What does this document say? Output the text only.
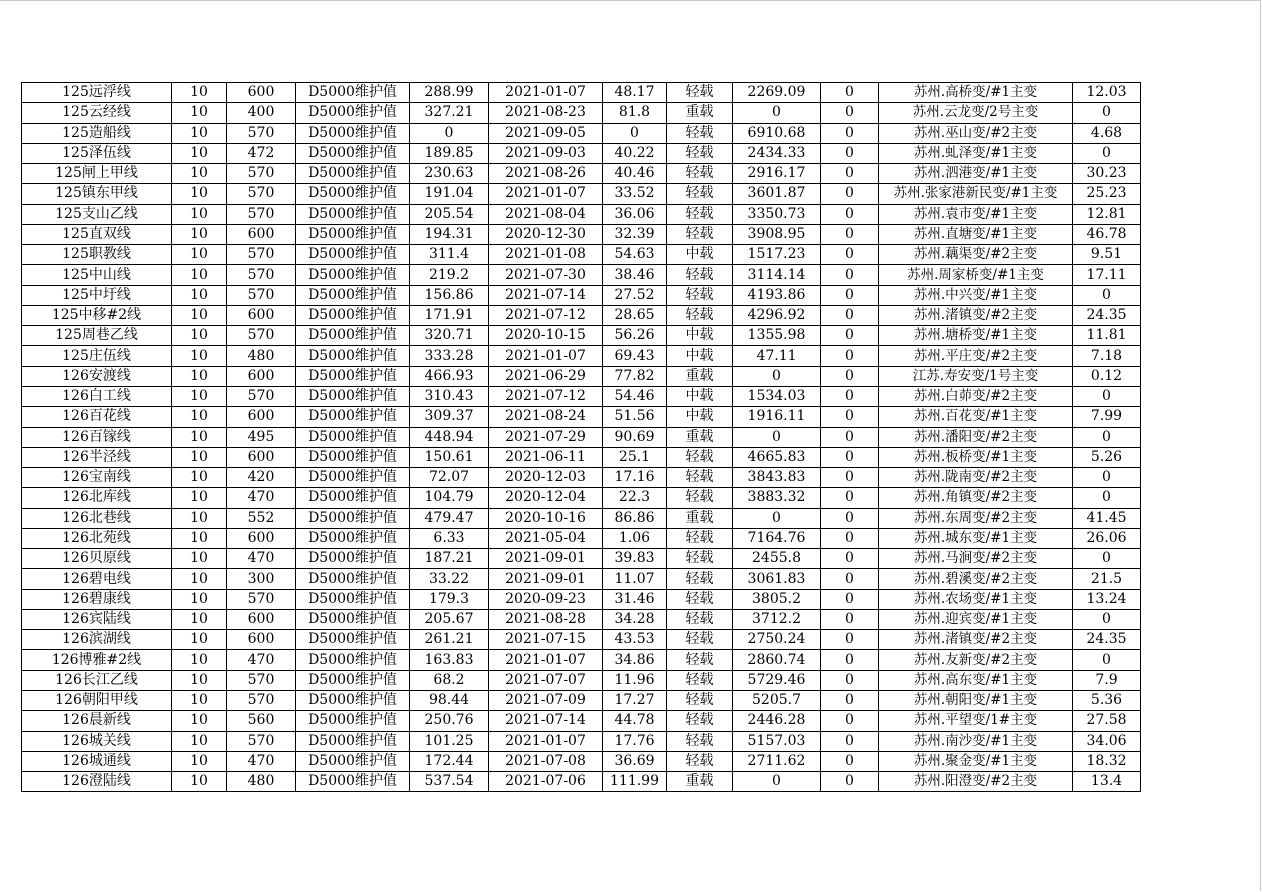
125远浮线	10	600	D5000维护值	288.99	2021-01-07	48.17	轻载	2269.09	0	苏州.高桥变/#1主变	12.03
125云经线	10	400	D5000维护值	327.21	2021-08-23	81.8	重载	0	0	苏州.云龙变/2号主变	0
125造船线	10	570	D5000维护值	0	2021-09-05	0	轻载	6910.68	0	苏州.巫山变/#2主变	4.68
125泽伍线	10	472	D5000维护值	189.85	2021-09-03	40.22	轻载	2434.33	0	苏州.虬泽变/#1主变	0
125闸上甲线	10	570	D5000维护值	230.63	2021-08-26	40.46	轻载	2916.17	0	苏州.泗港变/#1主变	30.23
125镇东甲线	10	570	D5000维护值	191.04	2021-01-07	33.52	轻载	3601.87	0	苏州.张家港新民变/#1主变	25.23
125支山乙线	10	570	D5000维护值	205.54	2021-08-04	36.06	轻载	3350.73	0	苏州.袁市变/#1主变	12.81
125直双线	10	600	D5000维护值	194.31	2020-12-30	32.39	轻载	3908.95	0	苏州.直塘变/#1主变	46.78
125职教线	10	570	D5000维护值	311.4	2021-01-08	54.63	中载	1517.23	0	苏州.藕渠变/#2主变	9.51
125中山线	10	570	D5000维护值	219.2	2021-07-30	38.46	轻载	3114.14	0	苏州.周家桥变/#1主变	17.11
125中圩线	10	570	D5000维护值	156.86	2021-07-14	27.52	轻载	4193.86	0	苏州.中兴变/#1主变	0
125中移#2线	10	600	D5000维护值	171.91	2021-07-12	28.65	轻载	4296.92	0	苏州.渚镇变/#2主变	24.35
125周巷乙线	10	570	D5000维护值	320.71	2020-10-15	56.26	中载	1355.98	0	苏州.塘桥变/#1主变	11.81
125庄伍线	10	480	D5000维护值	333.28	2021-01-07	69.43	中载	47.11	0	苏州.平庄变/#2主变	7.18
126安渡线	10	600	D5000维护值	466.93	2021-06-29	77.82	重载	0	0	江苏.寿安变/1号主变	0.12
126白工线	10	570	D5000维护值	310.43	2021-07-12	54.46	中载	1534.03	0	苏州.白茆变/#2主变	0
126百花线	10	600	D5000维护值	309.37	2021-08-24	51.56	中载	1916.11	0	苏州.百花变/#1主变	7.99
126百镓线	10	495	D5000维护值	448.94	2021-07-29	90.69	重载	0	0	苏州.潘阳变/#2主变	0
126半泾线	10	600	D5000维护值	150.61	2021-06-11	25.1	轻载	4665.83	0	苏州.板桥变/#1主变	5.26
126宝南线	10	420	D5000维护值	72.07	2020-12-03	17.16	轻载	3843.83	0	苏州.陇南变/#2主变	0
126北库线	10	470	D5000维护值	104.79	2020-12-04	22.3	轻载	3883.32	0	苏州.角镇变/#2主变	0
126北巷线	10	552	D5000维护值	479.47	2020-10-16	86.86	重载	0	0	苏州.东周变/#2主变	41.45
126北苑线	10	600	D5000维护值	6.33	2021-05-04	1.06	轻载	7164.76	0	苏州.城东变/#1主变	26.06
126贝原线	10	470	D5000维护值	187.21	2021-09-01	39.83	轻载	2455.8	0	苏州.马涧变/#2主变	0
126碧电线	10	300	D5000维护值	33.22	2021-09-01	11.07	轻载	3061.83	0	苏州.碧溪变/#2主变	21.5
126碧康线	10	570	D5000维护值	179.3	2020-09-23	31.46	轻载	3805.2	0	苏州.农场变/#1主变	13.24
126宾陆线	10	600	D5000维护值	205.67	2021-08-28	34.28	轻载	3712.2	0	苏州.迎宾变/#1主变	0
126滨湖线	10	600	D5000维护值	261.21	2021-07-15	43.53	轻载	2750.24	0	苏州.渚镇变/#2主变	24.35
126博雅#2线	10	470	D5000维护值	163.83	2021-01-07	34.86	轻载	2860.74	0	苏州.友新变/#2主变	0
126长江乙线	10	570	D5000维护值	68.2	2021-07-07	11.96	轻载	5729.46	0	苏州.高东变/#1主变	7.9
126朝阳甲线	10	570	D5000维护值	98.44	2021-07-09	17.27	轻载	5205.7	0	苏州.朝阳变/#1主变	5.36
126晨新线	10	560	D5000维护值	250.76	2021-07-14	44.78	轻载	2446.28	0	苏州.平望变/1#主变	27.58
126城关线	10	570	D5000维护值	101.25	2021-01-07	17.76	轻载	5157.03	0	苏州.南沙变/#1主变	34.06
126城通线	10	470	D5000维护值	172.44	2021-07-08	36.69	轻载	2711.62	0	苏州.聚金变/#1主变	18.32
126澄陆线	10	480	D5000维护值	537.54	2021-07-06	111.99	重载	0	0	苏州.阳澄变/#2主变	13.4
